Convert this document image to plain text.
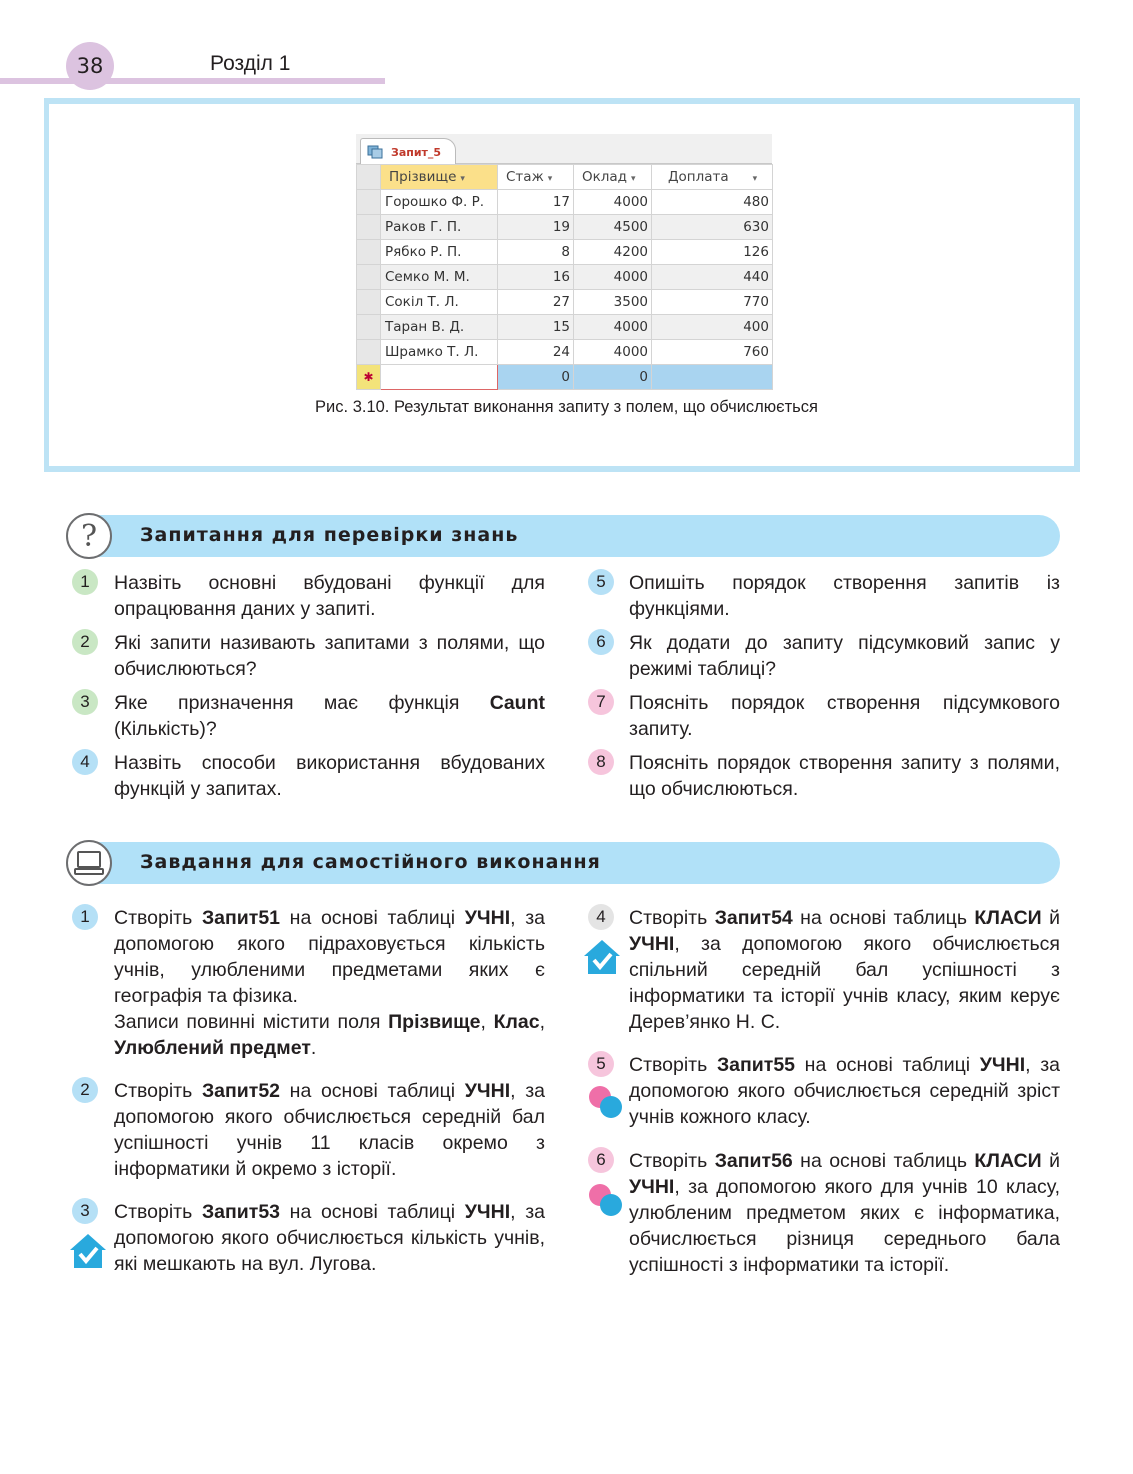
38	Розділ 1
Запит_5
	Прізвище ▾	Стаж ▾	Оклад ▾	Доплата ▾
	Горошко Ф. Р.	17	4000	480
	Раков Г. П.	19	4500	630
	Рябко Р. П.	8	4200	126
	Семко М. М.	16	4000	440
	Сокіл Т. Л.	27	3500	770
	Таран В. Д.	15	4000	400
	Шрамко Т. Л.	24	4000	760
✱		0	0	
Рис. 3.10. Результат виконання запиту з полем, що обчислюється
? Запитання для перевірки знань
1	Назвіть основні вбудовані функції для опрацювання даних у запиті.
2	Які запити називають запитами з полями, що обчислюються?
3	Яке призначення має функція Caunt (Кількість)?
4	Назвіть способи використання вбудованих функцій у запитах.
5	Опишіть порядок створення запитів із функціями.
6	Як додати до запиту підсумковий запис у режимі таблиці?
7	Поясніть порядок створення підсумкового запиту.
8	Поясніть порядок створення запиту з полями, що обчислюються.
Завдання для самостійного виконання
1	Створіть Запит51 на основі таблиці УЧНІ, за допомогою якого підраховується кількість учнів, улюбленими предметами яких є географія та фізика.
Записи повинні містити поля Прізвище, Клас, Улюблений предмет.
2	Створіть Запит52 на основі таблиці УЧНІ, за допомогою якого обчислюється середній бал успішності учнів 11 класів окремо з інформатики й окремо з історії.
3	Створіть Запит53 на основі таблиці УЧНІ, за допомогою якого обчислюється кількість учнів, які мешкають на вул. Лугова.
4	Створіть Запит54 на основі таблиць КЛАСИ й УЧНІ, за допомогою якого обчислюється спільний середній бал успішності з інформатики та історії учнів класу, яким керує Дерев’янко Н. С.
5	Створіть Запит55 на основі таблиці УЧНІ, за допомогою якого обчислюється середній зріст учнів кожного класу.
6	Створіть Запит56 на основі таблиць КЛАСИ й УЧНІ, за допомогою якого для учнів 10 класу, улюбленим предметом яких є інформатика, обчислюється різниця середнього бала успішності з інформатики та історії.
